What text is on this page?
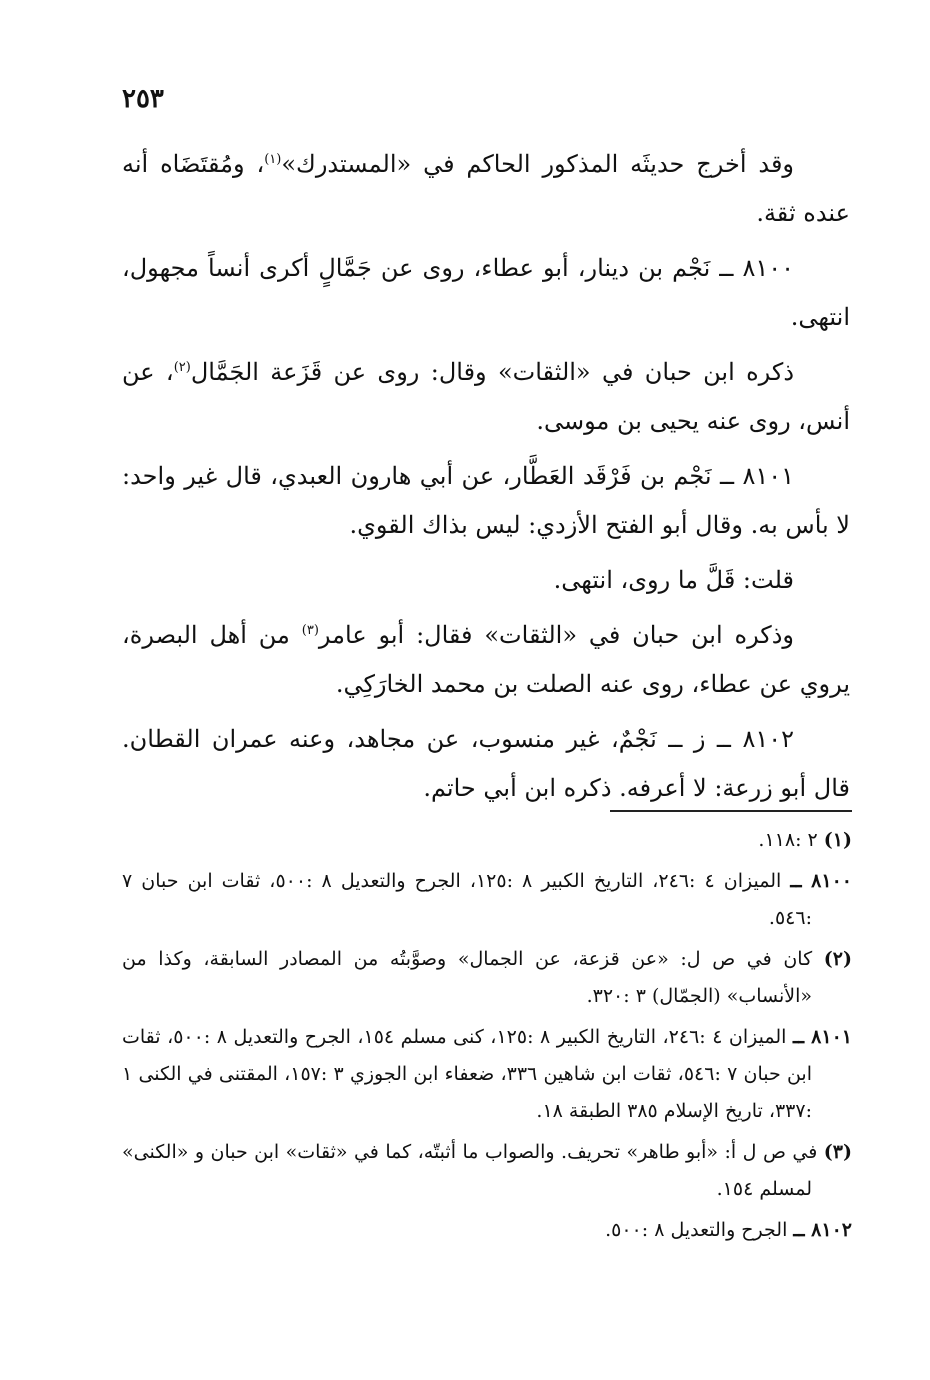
٢٥٣

وقد أخرج حديثَه المذكور الحاكم في «المستدرك»$^{(١)}$، ومُقتَضَاه أنه عنده ثقة.

٨١٠٠ ــ نَجْم بن دينار، أبو عطاء، روى عن جَمَّالٍ أكرى أنساً مجهول، انتهى.

ذكره ابن حبان في «الثقات» وقال: روى عن قَزَعة الجَمَّال$^{(٢)}$، عن أنس، روى عنه يحيى بن موسى.

٨١٠١ ــ نَجْم بن فَرْقَد العَطَّار، عن أبي هارون العبدي، قال غير واحد: لا بأس به. وقال أبو الفتح الأزدي: ليس بذاك القوي.

قلت: قَلَّ ما روى، انتهى.

وذكره ابن حبان في «الثقات» فقال: أبو عامر$^{(٣)}$ من أهل البصرة، يروي عن عطاء، روى عنه الصلت بن محمد الخارَكِي.

٨١٠٢ ــ ز ــ نَجْمٌ، غير منسوب، عن مجاهد، وعنه عمران القطان. قال أبو زرعة: لا أعرفه. ذكره ابن أبي حاتم.

(١) ٢ :١١٨.

٨١٠٠ ــ الميزان ٤ :٢٤٦، التاريخ الكبير ٨ :١٢٥، الجرح والتعديل ٨ :٥٠٠، ثقات ابن حبان ٧ :٥٤٦.

(٢) كان في ص ل: «عن قزعة، عن الجمال» وصوَّبتُه من المصادر السابقة، وكذا من «الأنساب» (الجمّال) ٣ :٣٢٠.

٨١٠١ ــ الميزان ٤ :٢٤٦، التاريخ الكبير ٨ :١٢٥، كنى مسلم ١٥٤، الجرح والتعديل ٨ :٥٠٠، ثقات ابن حبان ٧ :٥٤٦، ثقات ابن شاهين ٣٣٦، ضعفاء ابن الجوزي ٣ :١٥٧، المقتنى في الكنى ١ :٣٣٧، تاريخ الإسلام ٣٨٥ الطبقة ١٨.

(٣) في ص ل أ: «أبو طاهر» تحريف. والصواب ما أثبتّه، كما في «ثقات» ابن حبان و «الكنى» لمسلم ١٥٤.

٨١٠٢ ــ الجرح والتعديل ٨ :٥٠٠.
